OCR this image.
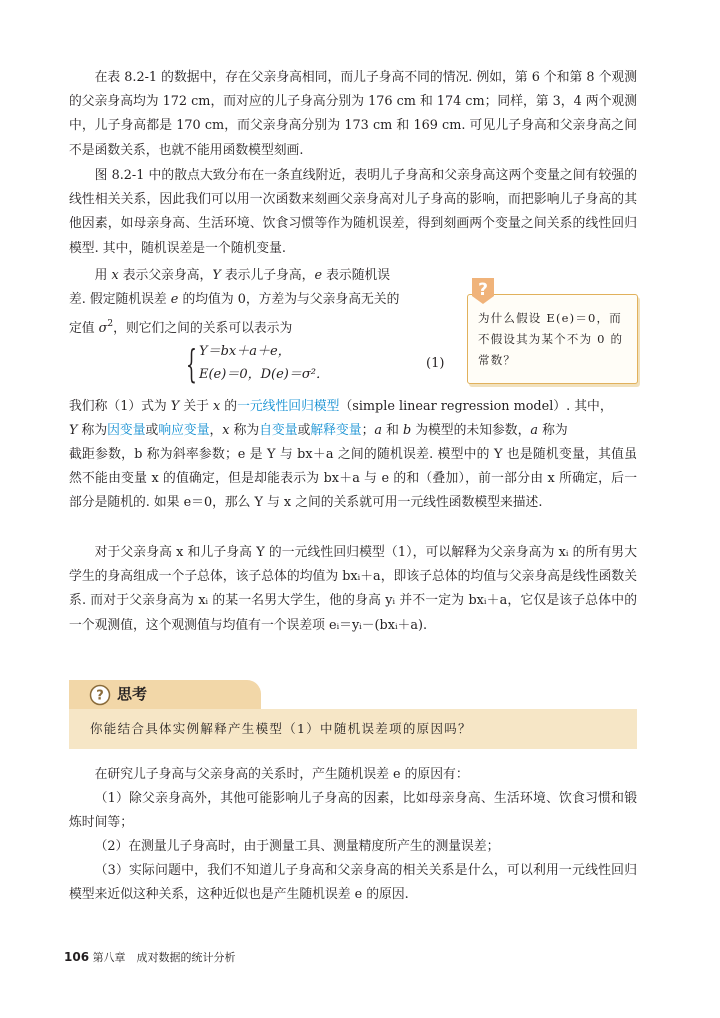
在表 8.2-1 的数据中，存在父亲身高相同，而儿子身高不同的情况. 例如，第 6 个和第 8 个观测的父亲身高均为 172 cm，而对应的儿子身高分别为 176 cm 和 174 cm；同样，第 3，4 两个观测中，儿子身高都是 170 cm，而父亲身高分别为 173 cm 和 169 cm. 可见儿子身高和父亲身高之间不是函数关系，也就不能用函数模型刻画.

图 8.2-1 中的散点大致分布在一条直线附近，表明儿子身高和父亲身高这两个变量之间有较强的线性相关关系，因此我们可以用一次函数来刻画父亲身高对儿子身高的影响，而把影响儿子身高的其他因素，如母亲身高、生活环境、饮食习惯等作为随机误差，得到刻画两个变量之间关系的线性回归模型. 其中，随机误差是一个随机变量.

用 x 表示父亲身高，Y 表示儿子身高，e 表示随机误

差. 假定随机误差 e 的均值为 0，方差为与父亲身高无关的

定值 $\sigma^2$，则它们之间的关系可以表示为

{ Y＝bx＋a＋e，
E(e)＝0，D(e)＝σ²．
(1)
?
为什么假设 E(e)＝0，而不假设其为某个不为 0 的常数？

我们称（1）式为 Y 关于 x 的一元线性回归模型（simple linear regression model）. 其中，

Y 称为因变量或响应变量，x 称为自变量或解释变量；a 和 b 为模型的未知参数，a 称为

截距参数，b 称为斜率参数；e 是 Y 与 bx＋a 之间的随机误差. 模型中的 Y 也是随机变量，其值虽然不能由变量 x 的值确定，但是却能表示为 bx＋a 与 e 的和（叠加），前一部分由 x 所确定，后一部分是随机的. 如果 e＝0，那么 Y 与 x 之间的关系就可用一元线性函数模型来描述.

对于父亲身高 x 和儿子身高 Y 的一元线性回归模型（1），可以解释为父亲身高为 xᵢ 的所有男大学生的身高组成一个子总体，该子总体的均值为 bxᵢ＋a，即该子总体的均值与父亲身高是线性函数关系. 而对于父亲身高为 xᵢ 的某一名男大学生，他的身高 yᵢ 并不一定为 bxᵢ＋a，它仅是该子总体中的一个观测值，这个观测值与均值有一个误差项 eᵢ＝yᵢ－(bxᵢ＋a).

? 思考
你能结合具体实例解释产生模型（1）中随机误差项的原因吗？

在研究儿子身高与父亲身高的关系时，产生随机误差 e 的原因有：

（1）除父亲身高外，其他可能影响儿子身高的因素，比如母亲身高、生活环境、饮食习惯和锻炼时间等；

（2）在测量儿子身高时，由于测量工具、测量精度所产生的测量误差；

（3）实际问题中，我们不知道儿子身高和父亲身高的相关关系是什么，可以利用一元线性回归模型来近似这种关系，这种近似也是产生随机误差 e 的原因.

106 第八章　成对数据的统计分析
